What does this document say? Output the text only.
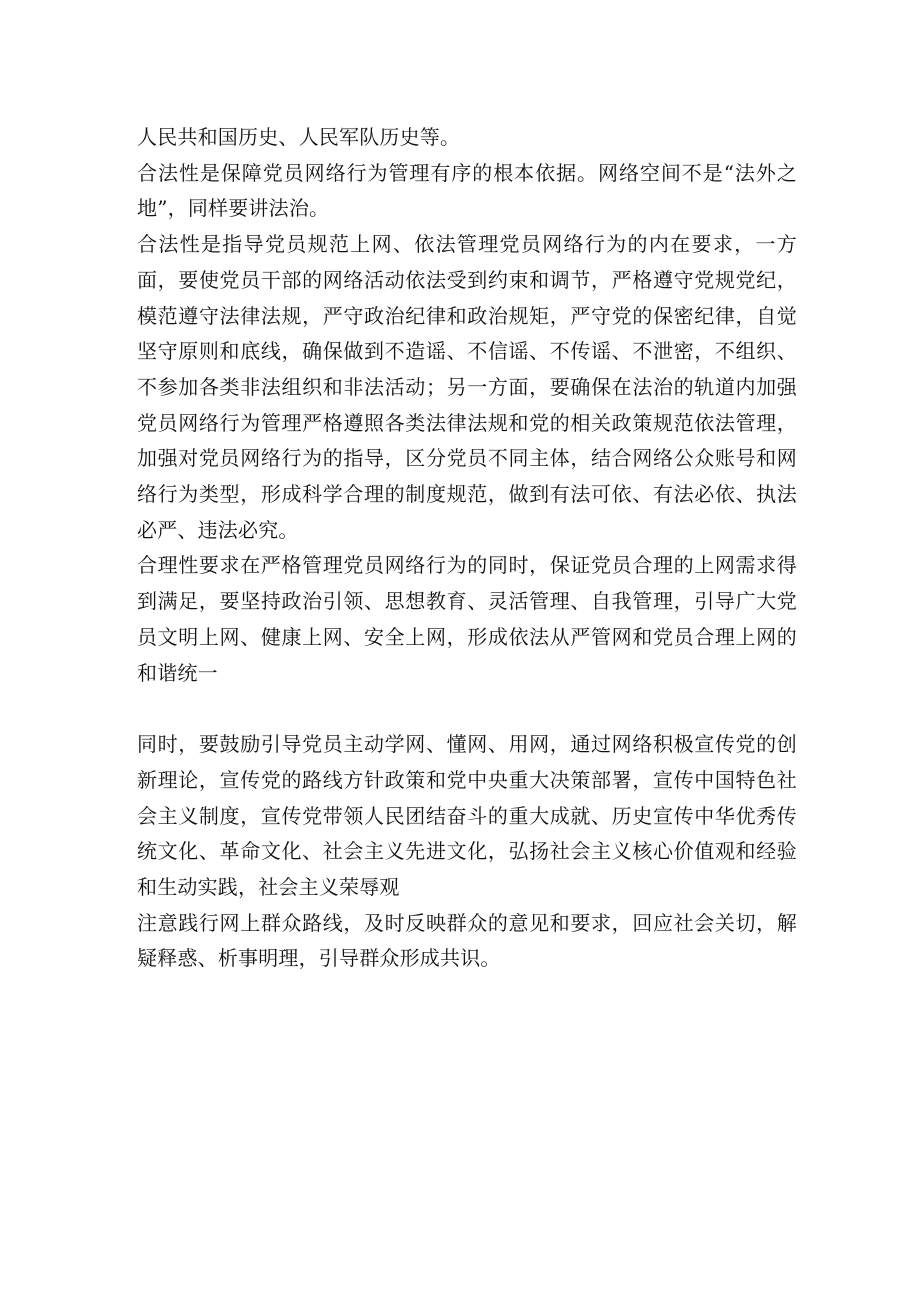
人民共和国历史、人民军队历史等。

合法性是保障党员网络行为管理有序的根本依据。网络空间不是“法外之地”，同样要讲法治。

合法性是指导党员规范上网、依法管理党员网络行为的内在要求，一方面，要使党员干部的网络活动依法受到约束和调节，严格遵守党规党纪，模范遵守法律法规，严守政治纪律和政治规矩，严守党的保密纪律，自觉坚守原则和底线，确保做到不造谣、不信谣、不传谣、不泄密，不组织、不参加各类非法组织和非法活动；另一方面，要确保在法治的轨道内加强党员网络行为管理严格遵照各类法律法规和党的相关政策规范依法管理，加强对党员网络行为的指导，区分党员不同主体，结合网络公众账号和网络行为类型，形成科学合理的制度规范，做到有法可依、有法必依、执法必严、违法必究。

合理性要求在严格管理党员网络行为的同时，保证党员合理的上网需求得到满足，要坚持政治引领、思想教育、灵活管理、自我管理，引导广大党员文明上网、健康上网、安全上网，形成依法从严管网和党员合理上网的和谐统一

同时，要鼓励引导党员主动学网、懂网、用网，通过网络积极宣传党的创新理论，宣传党的路线方针政策和党中央重大决策部署，宣传中国特色社会主义制度，宣传党带领人民团结奋斗的重大成就、历史宣传中华优秀传统文化、革命文化、社会主义先进文化，弘扬社会主义核心价值观和经验和生动实践，社会主义荣辱观

注意践行网上群众路线，及时反映群众的意见和要求，回应社会关切，解疑释惑、析事明理，引导群众形成共识。
